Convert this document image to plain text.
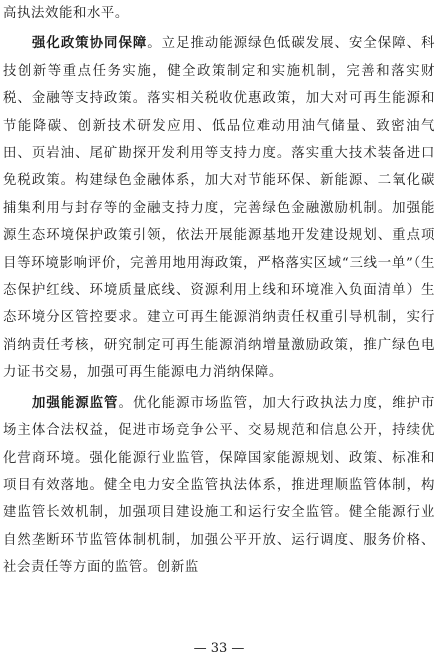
高执法效能和水平。

强化政策协同保障。立足推动能源绿色低碳发展、安全保障、科技创新等重点任务实施，健全政策制定和实施机制，完善和落实财税、金融等支持政策。落实相关税收优惠政策，加大对可再生能源和节能降碳、创新技术研发应用、低品位难动用油气储量、致密油气田、页岩油、尾矿勘探开发利用等支持力度。落实重大技术装备进口免税政策。构建绿色金融体系，加大对节能环保、新能源、二氧化碳捕集利用与封存等的金融支持力度，完善绿色金融激励机制。加强能源生态环境保护政策引领，依法开展能源基地开发建设规划、重点项目等环境影响评价，完善用地用海政策，严格落实区域“三线一单”（生态保护红线、环境质量底线、资源利用上线和环境准入负面清单）生态环境分区管控要求。建立可再生能源消纳责任权重引导机制，实行消纳责任考核，研究制定可再生能源消纳增量激励政策，推广绿色电力证书交易，加强可再生能源电力消纳保障。

加强能源监管。优化能源市场监管，加大行政执法力度，维护市场主体合法权益，促进市场竞争公平、交易规范和信息公开，持续优化营商环境。强化能源行业监管，保障国家能源规划、政策、标准和项目有效落地。健全电力安全监管执法体系，推进理顺监管体制，构建监管长效机制，加强项目建设施工和运行安全监管。健全能源行业自然垄断环节监管体制机制，加强公平开放、运行调度、服务价格、社会责任等方面的监管。创新监

— 33 —
